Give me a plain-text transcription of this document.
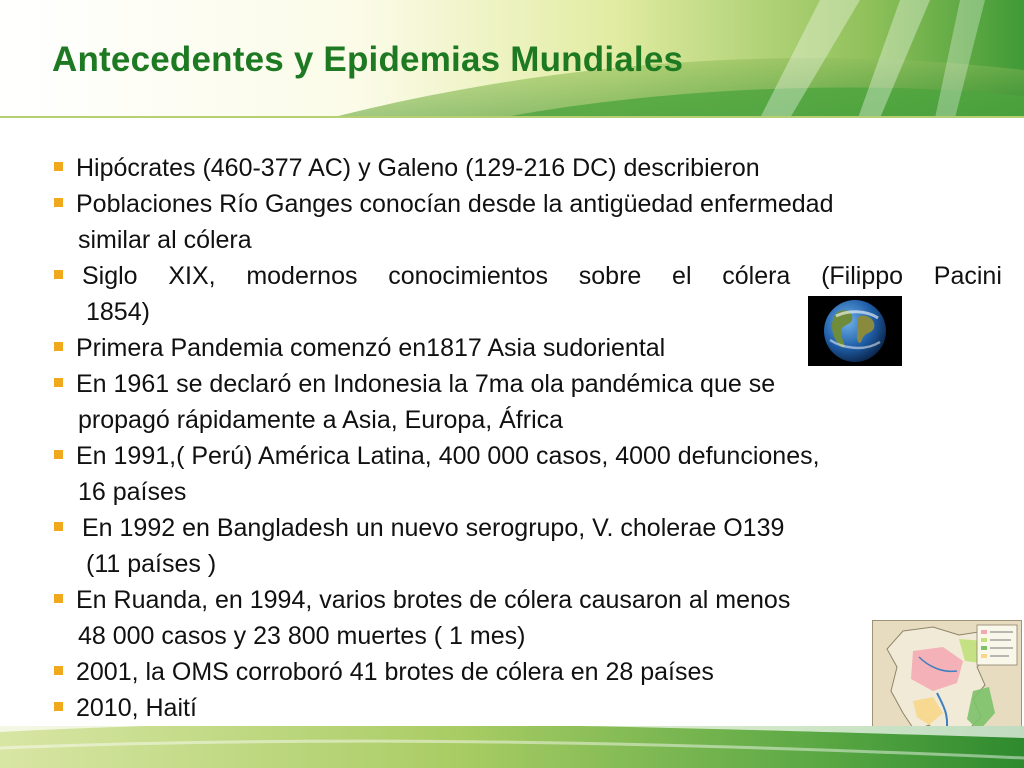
Antecedentes y Epidemias Mundiales
Hipócrates (460-377 AC) y Galeno (129-216 DC) describieron
Poblaciones Río Ganges conocían desde la antigüedad enfermedad
similar al cólera
Siglo XIX, modernos conocimientos sobre el cólera (Filippo Pacini
1854)
Primera Pandemia comenzó en1817 Asia sudoriental
En 1961 se declaró en Indonesia la 7ma ola pandémica que se
propagó rápidamente a Asia, Europa, África
En 1991,( Perú) América Latina, 400 000 casos, 4000 defunciones,
16 países
En 1992 en Bangladesh un nuevo serogrupo, V. cholerae O139
(11 países )
En Ruanda, en 1994, varios brotes de cólera causaron al menos
48 000 casos y 23 800 muertes ( 1 mes)
2001, la OMS corroboró 41 brotes de cólera en 28 países
2010, Haití
